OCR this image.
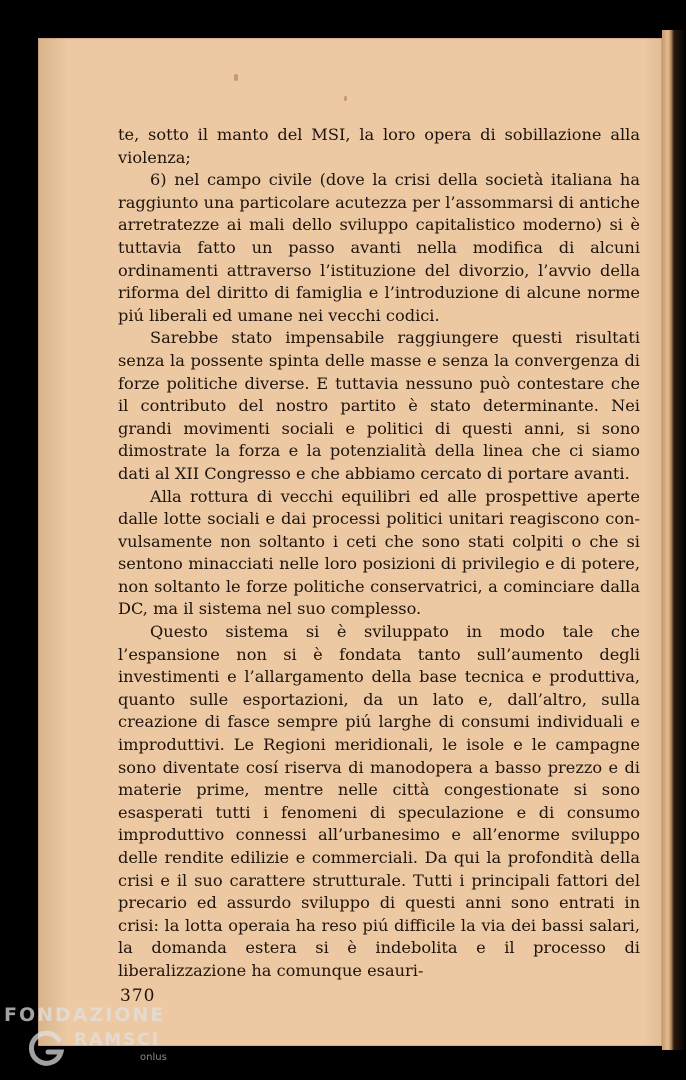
te, sotto il manto del MSI, la loro opera di sobillazione alla violenza;

6) nel campo civile (dove la crisi della società italiana ha raggiunto una particolare acutezza per l’assommarsi di antiche arretratezze ai mali dello sviluppo capitalistico moderno) si è tuttavia fatto un passo avanti nella modifica di alcuni ordinamenti attraverso l’istituzione del divorzio, l’avvio della riforma del diritto di famiglia e l’introduzione di alcune norme piú liberali ed umane nei vecchi codici.

Sarebbe stato impensabile raggiungere questi risultati senza la possente spinta delle masse e senza la convergenza di forze politiche diverse. E tuttavia nessuno può contestare che il contributo del nostro partito è stato determinante. Nei grandi movimenti sociali e politici di questi anni, si sono dimostrate la forza e la potenzialità della linea che ci siamo dati al XII Congresso e che abbiamo cercato di portare avanti.

Alla rottura di vecchi equilibri ed alle prospettive aperte dalle lotte sociali e dai processi politici unitari reagiscono convulsamente non soltanto i ceti che sono stati colpiti o che si sentono minacciati nelle loro posizioni di privilegio e di potere, non soltanto le forze politiche conservatrici, a cominciare dalla DC, ma il sistema nel suo complesso.

Questo sistema si è sviluppato in modo tale che l’espansione non si è fondata tanto sull’aumento degli investimenti e l’allargamento della base tecnica e produttiva, quanto sulle esportazioni, da un lato e, dall’altro, sulla creazione di fasce sempre piú larghe di consumi individuali e improduttivi. Le Regioni meridionali, le isole e le campagne sono diventate cosí riserva di manodopera a basso prezzo e di materie prime, mentre nelle città congestionate si sono esasperati tutti i fenomeni di speculazione e di consumo improduttivo connessi all’urbanesimo e all’enorme sviluppo delle rendite edilizie e commerciali. Da qui la profondità della crisi e il suo carattere strutturale. Tutti i principali fattori del precario ed assurdo sviluppo di questi anni sono entrati in crisi: la lotta operaia ha reso piú difficile la via dei bassi salari, la domanda estera si è indebolita e il processo di liberalizzazione ha comunque esauri-

370
FONDAZIONE
G	RAMSCI
onlus
